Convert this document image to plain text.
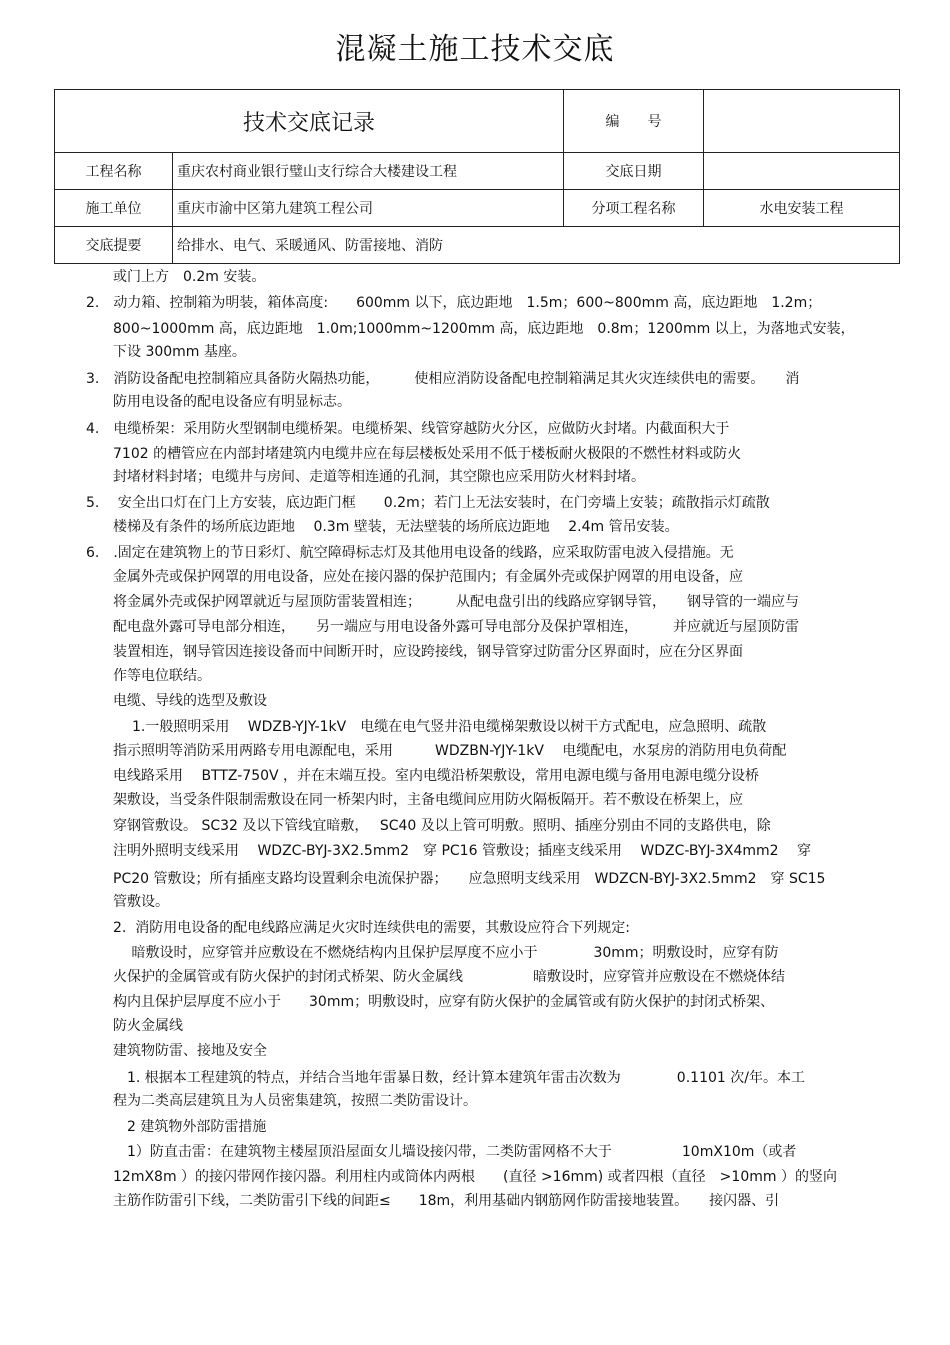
混凝土施工技术交底
技术交底记录		编　　号	
工程名称	重庆农村商业银行璧山支行综合大楼建设工程	交底日期	
施工单位	重庆市渝中区第九建筑工程公司	分项工程名称	水电安装工程
交底提要	给排水、电气、采暖通风、防雷接地、消防		
或门上方　0.2m 安装。
2.　动力箱、控制箱为明装，箱体高度:　　600mm 以下，底边距地　1.5m；600~800mm 高，底边距地　1.2m；
800~1000mm 高，底边距地　1.0m;1000mm~1200mm 高，底边距地　0.8m；1200mm 以上，为落地式安装，
下设 300mm 基座。
3.　消防设备配电控制箱应具备防火隔热功能，　　　使相应消防设备配电控制箱满足其火灾连续供电的需要。　　消
防用电设备的配电设备应有明显标志。
4.　电缆桥架：采用防火型钢制电缆桥架。电缆桥架、线管穿越防火分区，应做防火封堵。内截面积大于
7102 的槽管应在内部封堵建筑内电缆井应在每层楼板处采用不低于楼板耐火极限的不燃性材料或防火
封堵材料封堵；电缆井与房间、走道等相连通的孔洞，其空隙也应采用防火材料封堵。
5.　 安全出口灯在门上方安装，底边距门框　　0.2m；若门上无法安装时，在门旁墙上安装；疏散指示灯疏散
楼梯及有条件的场所底边距地　 0.3m 壁装，无法壁装的场所底边距地　 2.4m 管吊安装。
6.　.固定在建筑物上的节日彩灯、航空障碍标志灯及其他用电设备的线路，应采取防雷电波入侵措施。无
金属外壳或保护网罩的用电设备，应处在接闪器的保护范围内；有金属外壳或保护网罩的用电设备，应
将金属外壳或保护网罩就近与屋顶防雷装置相连；　　　从配电盘引出的线路应穿钢导管，　　钢导管的一端应与
配电盘外露可导电部分相连，　　另一端应与用电设备外露可导电部分及保护罩相连，　　　并应就近与屋顶防雷
装置相连，钢导管因连接设备而中间断开时，应设跨接线，钢导管穿过防雷分区界面时，应在分区界面
作等电位联结。
电缆、导线的选型及敷设
　1.一般照明采用　 WDZB-YJY-1kV　电缆在电气竖井沿电缆梯架敷设以树干方式配电，应急照明、疏散
指示照明等消防采用两路专用电源配电，采用　　　WDZBN-YJY-1kV　 电缆配电，水泵房的消防用电负荷配
电线路采用　 BTTZ-750V ，并在末端互投。室内电缆沿桥架敷设，常用电源电缆与备用电源电缆分设桥
架敷设，当受条件限制需敷设在同一桥架内时，主备电缆间应用防火隔板隔开。若不敷设在桥架上，应
穿钢管敷设。 SC32 及以下管线宜暗敷，　 SC40 及以上管可明敷。照明、插座分别由不同的支路供电，除
注明外照明支线采用　 WDZC-BYJ-3X2.5mm2　穿 PC16 管敷设；插座支线采用　 WDZC-BYJ-3X4mm2　 穿
PC20 管敷设；所有插座支路均设置剩余电流保护器；　　应急照明支线采用　WDZCN-BYJ-3X2.5mm2　穿 SC15
管敷设。
2.  消防用电设备的配电线路应满足火灾时连续供电的需要，其敷设应符合下列规定:
　 暗敷设时，应穿管并应敷设在不燃烧结构内且保护层厚度不应小于　　　　30mm；明敷设时，应穿有防
火保护的金属管或有防火保护的封闭式桥架、防火金属线　　　　　暗敷设时，应穿管并应敷设在不燃烧体结
构内且保护层厚度不应小于　　30mm；明敷设时，应穿有防火保护的金属管或有防火保护的封闭式桥架、
防火金属线
建筑物防雷、接地及安全
　1. 根据本工程建筑的特点，并结合当地年雷暴日数，经计算本建筑年雷击次数为　　　　0.1101 次/年。本工
程为二类高层建筑且为人员密集建筑，按照二类防雷设计。
　2 建筑物外部防雷措施
　1）防直击雷：在建筑物主楼屋顶沿屋面女儿墙设接闪带，二类防雷网格不大于　　　　　10mX10m（或者
12mX8m ）的接闪带网作接闪器。利用柱内或筒体内两根　　(直径 >16mm) 或者四根（直径　>10mm ）的竖向
主筋作防雷引下线，二类防雷引下线的间距≤　　18m，利用基础内钢筋网作防雷接地装置。　　接闪器、引
